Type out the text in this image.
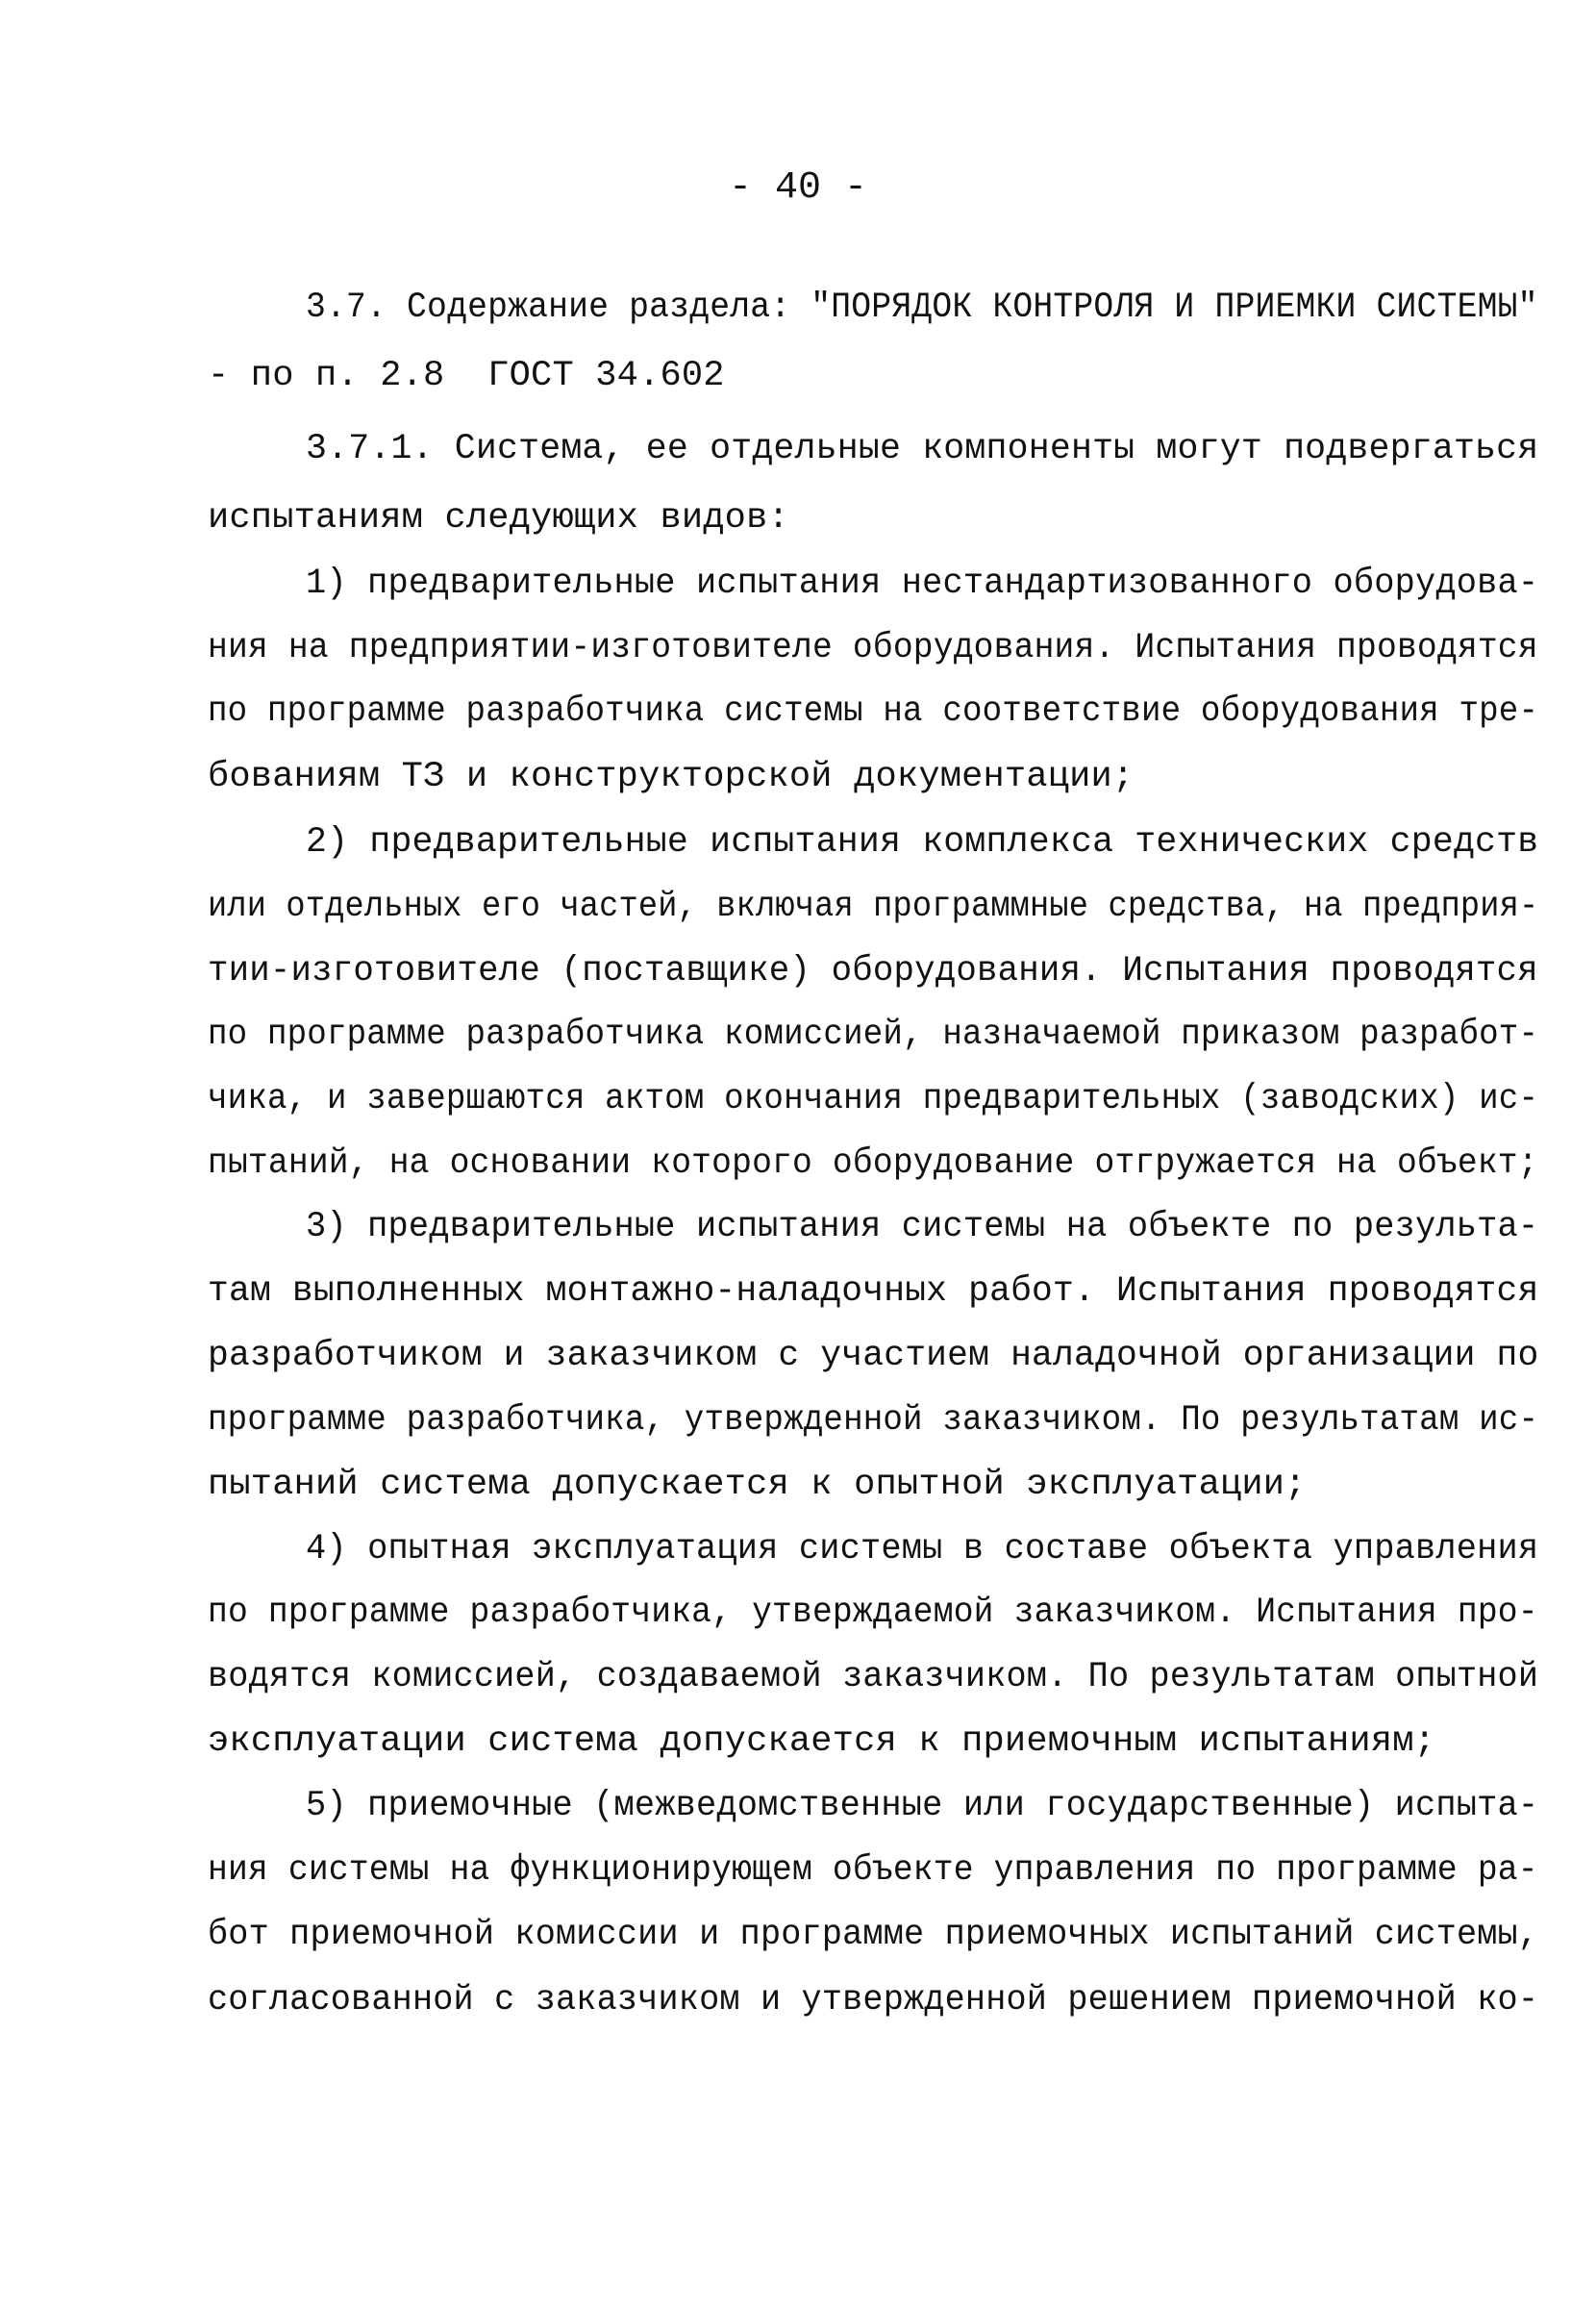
- 40 -
3.7. Содержание раздела: "ПОРЯДОК КОНТРОЛЯ И ПРИЕМКИ СИСТЕМЫ"
- по п. 2.8  ГОСТ 34.602
3.7.1. Система, ее отдельные компоненты могут подвергаться
испытаниям следующих видов:
1) предварительные испытания нестандартизованного оборудова-
ния на предприятии-изготовителе оборудования. Испытания проводятся
по программе разработчика системы на соответствие оборудования тре-
бованиям ТЗ и конструкторской документации;
2) предварительные испытания комплекса технических средств
или отдельных его частей, включая программные средства, на предприя-
тии-изготовителе (поставщике) оборудования. Испытания проводятся
по программе разработчика комиссией, назначаемой приказом разработ-
чика, и завершаются актом окончания предварительных (заводских) ис-
пытаний, на основании которого оборудование отгружается на объект;
3) предварительные испытания системы на объекте по результа-
там выполненных монтажно-наладочных работ. Испытания проводятся
разработчиком и заказчиком с участием наладочной организации по
программе разработчика, утвержденной заказчиком. По результатам ис-
пытаний система допускается к опытной эксплуатации;
4) опытная эксплуатация системы в составе объекта управления
по программе разработчика, утверждаемой заказчиком. Испытания про-
водятся комиссией, создаваемой заказчиком. По результатам опытной
эксплуатации система допускается к приемочным испытаниям;
5) приемочные (межведомственные или государственные) испыта-
ния системы на функционирующем объекте управления по программе ра-
бот приемочной комиссии и программе приемочных испытаний системы,
согласованной с заказчиком и утвержденной решением приемочной ко-
